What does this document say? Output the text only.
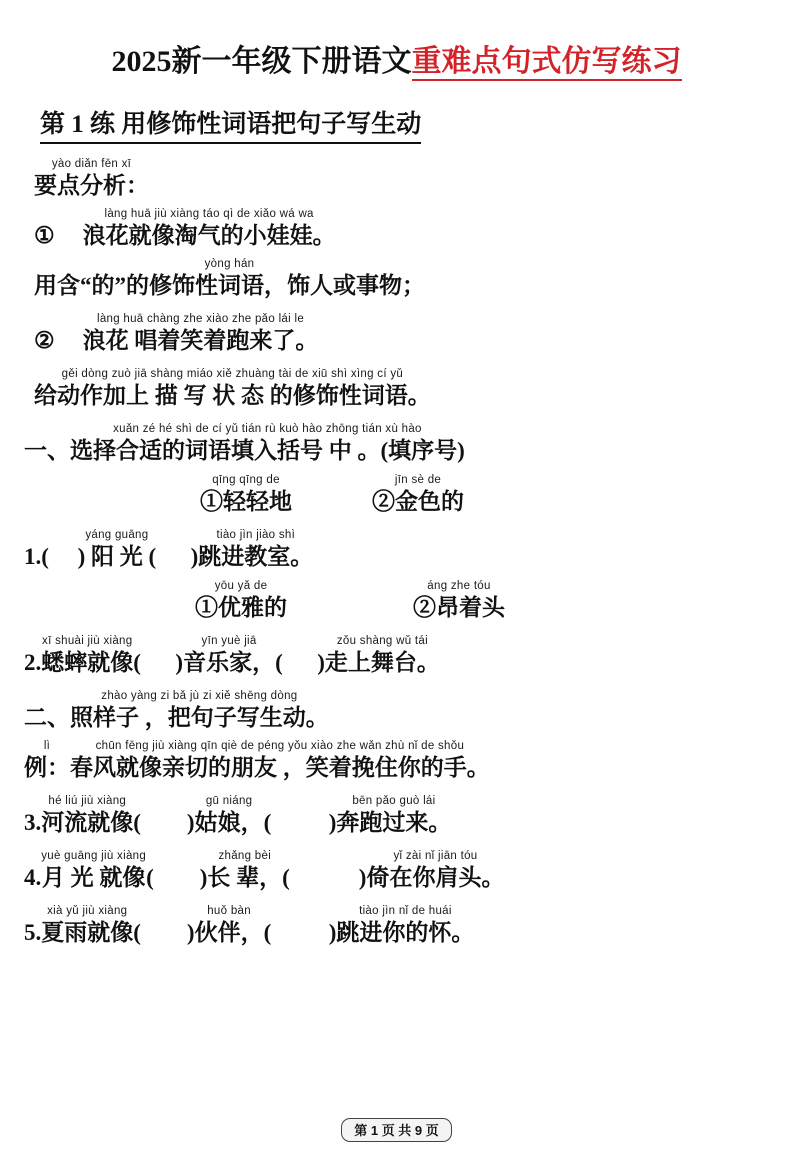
2025新一年级下册语文重难点句式仿写练习
第 1 练 用修饰性词语把句子写生动
yào diǎn fēn xī
要点分析：
①
làng huā jiù xiàng táo qì de xiǎo wá wa
浪花就像淘气的小娃娃。
yòng hán
用含“的”的修饰性词语，饰人或事物；
②
làng huā chàng zhe xiào zhe pǎo lái le
浪花 唱着笑着跑来了。
gěi dòng zuò jiā shàng miáo xiě zhuàng tài de xiū shì xìng cí yǔ
给动作加上 描 写 状 态 的修饰性词语。
一、
xuǎn zé hé shì de cí yǔ tián rù kuò hào zhōng tián xù hào
选择合适的词语填入括号 中 。(填序号)
qīng qīng de
①轻轻地
jīn sè de
②金色的
1. (     )
yáng guāng
阳 光 (      )
tiào jìn jiào shì
跳进教室。
yōu yǎ de
①优雅的
áng zhe tóu
②昂着头
2.
xī shuài jiù xiàng
蟋蟀就像 (      )
yīn yuè jiā
音乐家， (      )
zǒu shàng wǔ tái
走上舞台。
二、
zhào yàng zi bǎ jù zi xiě shēng dòng
照样子 ，把句子写生动。
lì
例：
chūn fēng jiù xiàng qīn qiè de péng yǒu xiào zhe wǎn zhù nǐ de shǒu
春风就像亲切的朋友 ，笑着挽住你的手。
3.
hé liú jiù xiàng
河流就像 (        )
gū niáng
姑娘， (          )
bēn pǎo guò lái
奔跑过来。
4.
yuè guāng jiù xiàng
月 光 就像 (        )
zhǎng bèi
长 辈， (            )
yǐ zài nǐ jiān tóu
倚在你肩头。
5.
xià yǔ jiù xiàng
夏雨就像 (        )
huǒ bàn
伙伴， (          )
tiào jìn nǐ de huái
跳进你的怀。
第 1 页 共 9 页
